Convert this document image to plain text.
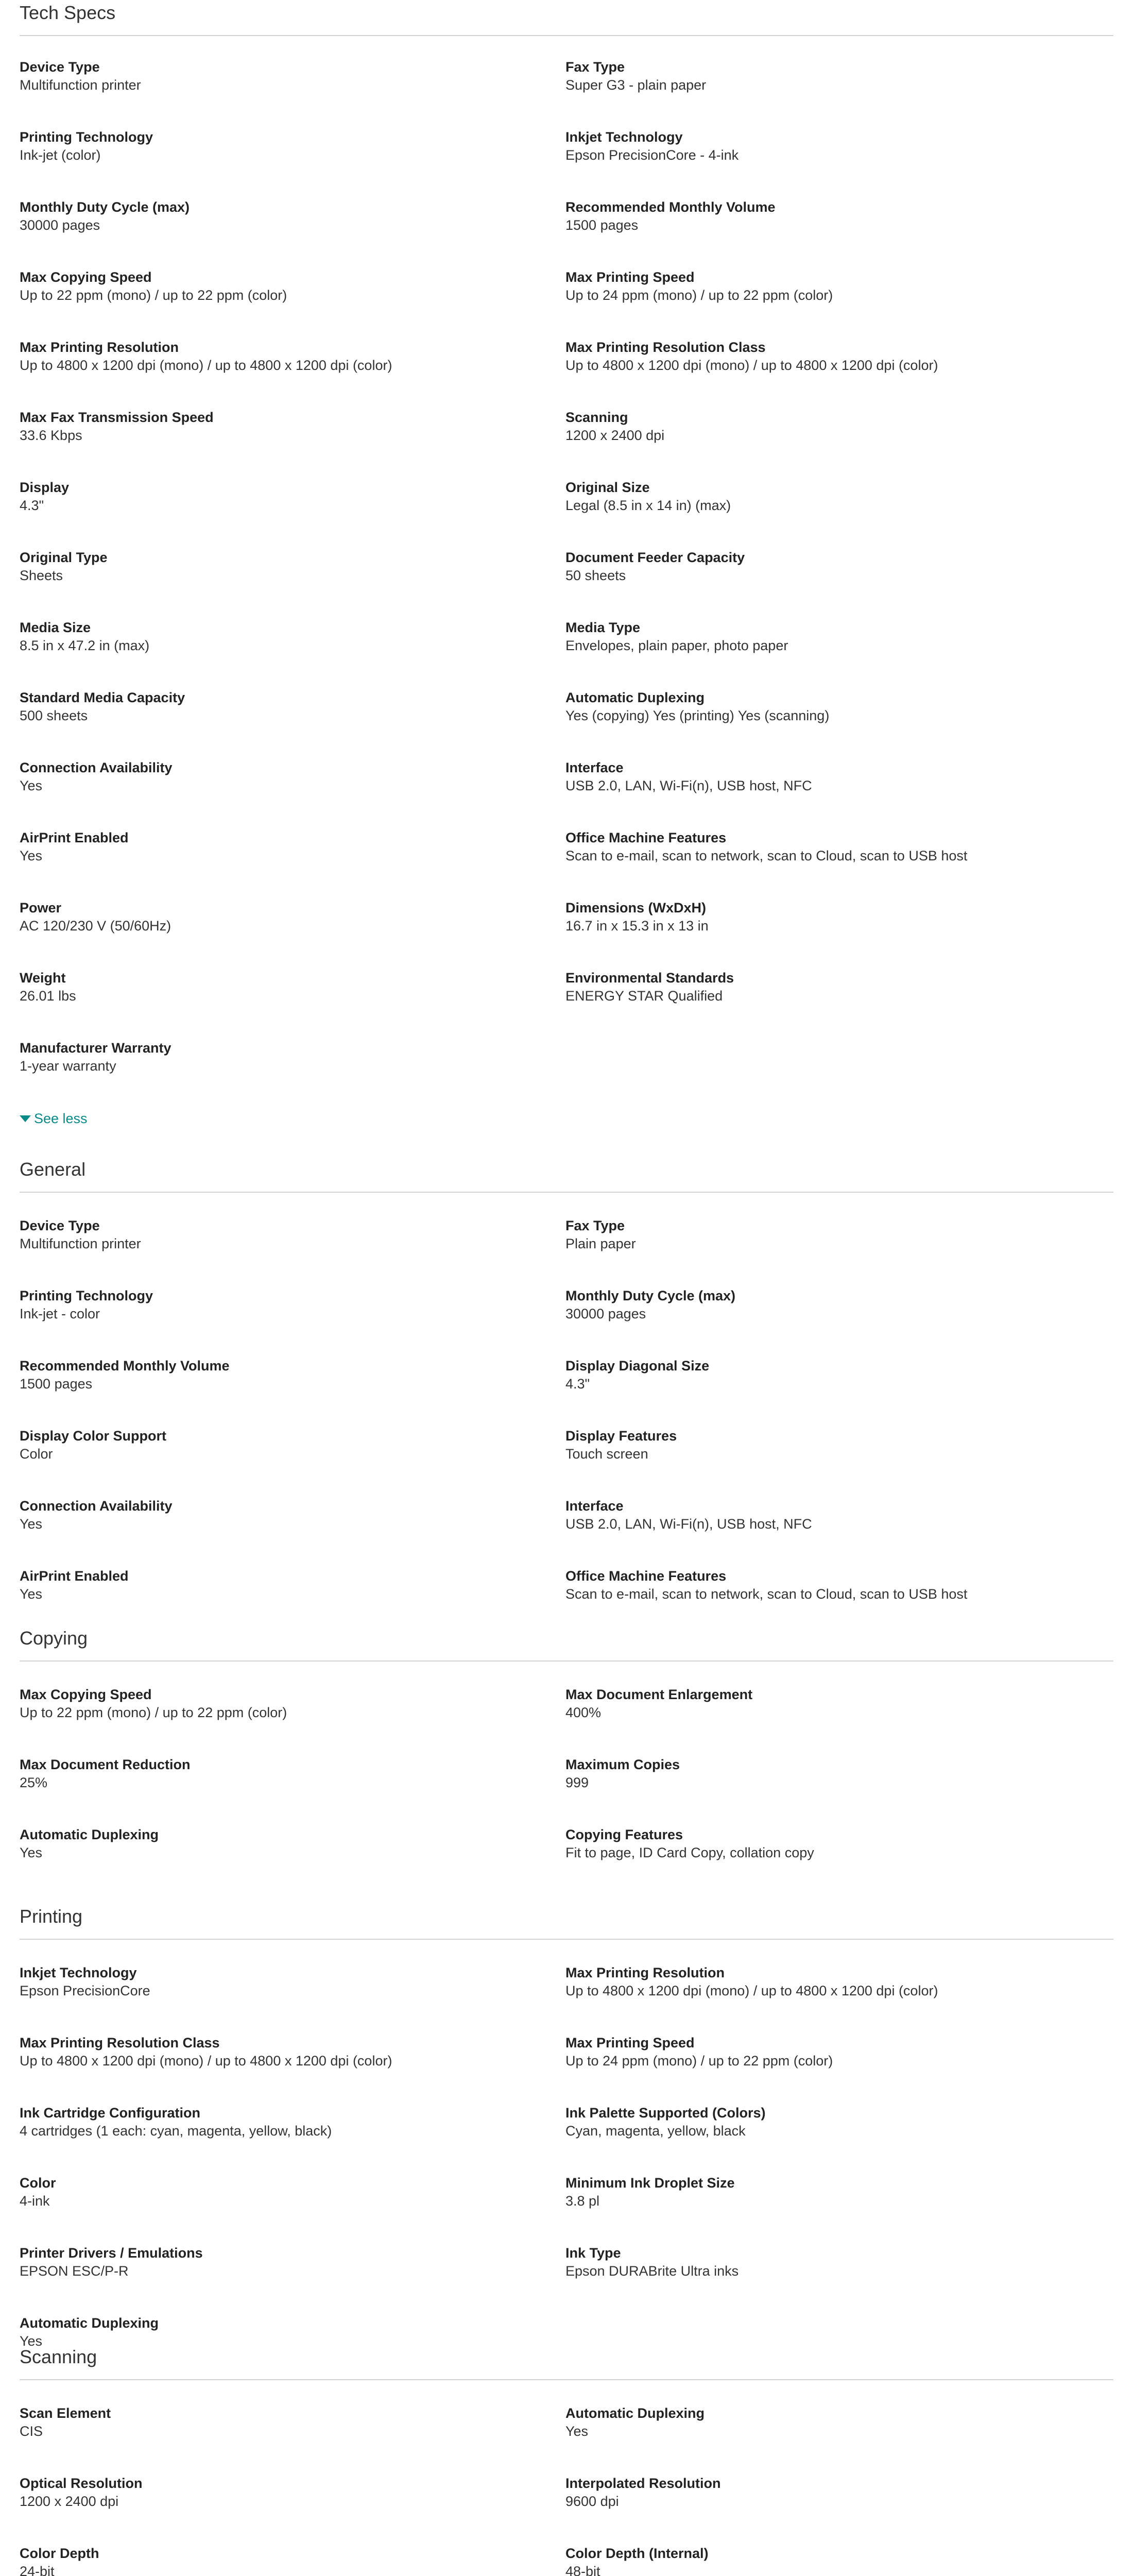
Tech Specs
Device Type
Multifunction printer
Fax Type
Super G3 - plain paper
Printing Technology
Ink-jet (color)
Inkjet Technology
Epson PrecisionCore - 4-ink
Monthly Duty Cycle (max)
30000 pages
Recommended Monthly Volume
1500 pages
Max Copying Speed
Up to 22 ppm (mono) / up to 22 ppm (color)
Max Printing Speed
Up to 24 ppm (mono) / up to 22 ppm (color)
Max Printing Resolution
Up to 4800 x 1200 dpi (mono) / up to 4800 x 1200 dpi (color)
Max Printing Resolution Class
Up to 4800 x 1200 dpi (mono) / up to 4800 x 1200 dpi (color)
Max Fax Transmission Speed
33.6 Kbps
Scanning
1200 x 2400 dpi
Display
4.3"
Original Size
Legal (8.5 in x 14 in) (max)
Original Type
Sheets
Document Feeder Capacity
50 sheets
Media Size
8.5 in x 47.2 in (max)
Media Type
Envelopes, plain paper, photo paper
Standard Media Capacity
500 sheets
Automatic Duplexing
Yes (copying) Yes (printing) Yes (scanning)
Connection Availability
Yes
Interface
USB 2.0, LAN, Wi-Fi(n), USB host, NFC
AirPrint Enabled
Yes
Office Machine Features
Scan to e-mail, scan to network, scan to Cloud, scan to USB host
Power
AC 120/230 V (50/60Hz)
Dimensions (WxDxH)
16.7 in x 15.3 in x 13 in
Weight
26.01 lbs
Environmental Standards
ENERGY STAR Qualified
Manufacturer Warranty
1-year warranty
See less
General
Device Type
Multifunction printer
Fax Type
Plain paper
Printing Technology
Ink-jet - color
Monthly Duty Cycle (max)
30000 pages
Recommended Monthly Volume
1500 pages
Display Diagonal Size
4.3"
Display Color Support
Color
Display Features
Touch screen
Connection Availability
Yes
Interface
USB 2.0, LAN, Wi-Fi(n), USB host, NFC
AirPrint Enabled
Yes
Office Machine Features
Scan to e-mail, scan to network, scan to Cloud, scan to USB host
Copying
Max Copying Speed
Up to 22 ppm (mono) / up to 22 ppm (color)
Max Document Enlargement
400%
Max Document Reduction
25%
Maximum Copies
999
Automatic Duplexing
Yes
Copying Features
Fit to page, ID Card Copy, collation copy
Printing
Inkjet Technology
Epson PrecisionCore
Max Printing Resolution
Up to 4800 x 1200 dpi (mono) / up to 4800 x 1200 dpi (color)
Max Printing Resolution Class
Up to 4800 x 1200 dpi (mono) / up to 4800 x 1200 dpi (color)
Max Printing Speed
Up to 24 ppm (mono) / up to 22 ppm (color)
Ink Cartridge Configuration
4 cartridges (1 each: cyan, magenta, yellow, black)
Ink Palette Supported (Colors)
Cyan, magenta, yellow, black
Color
4-ink
Minimum Ink Droplet Size
3.8 pl
Printer Drivers / Emulations
EPSON ESC/P-R
Ink Type
Epson DURABrite Ultra inks
Automatic Duplexing
Yes
Scanning
Scan Element
CIS
Automatic Duplexing
Yes
Optical Resolution
1200 x 2400 dpi
Interpolated Resolution
9600 dpi
Color Depth
24-bit
Color Depth (Internal)
48-bit
